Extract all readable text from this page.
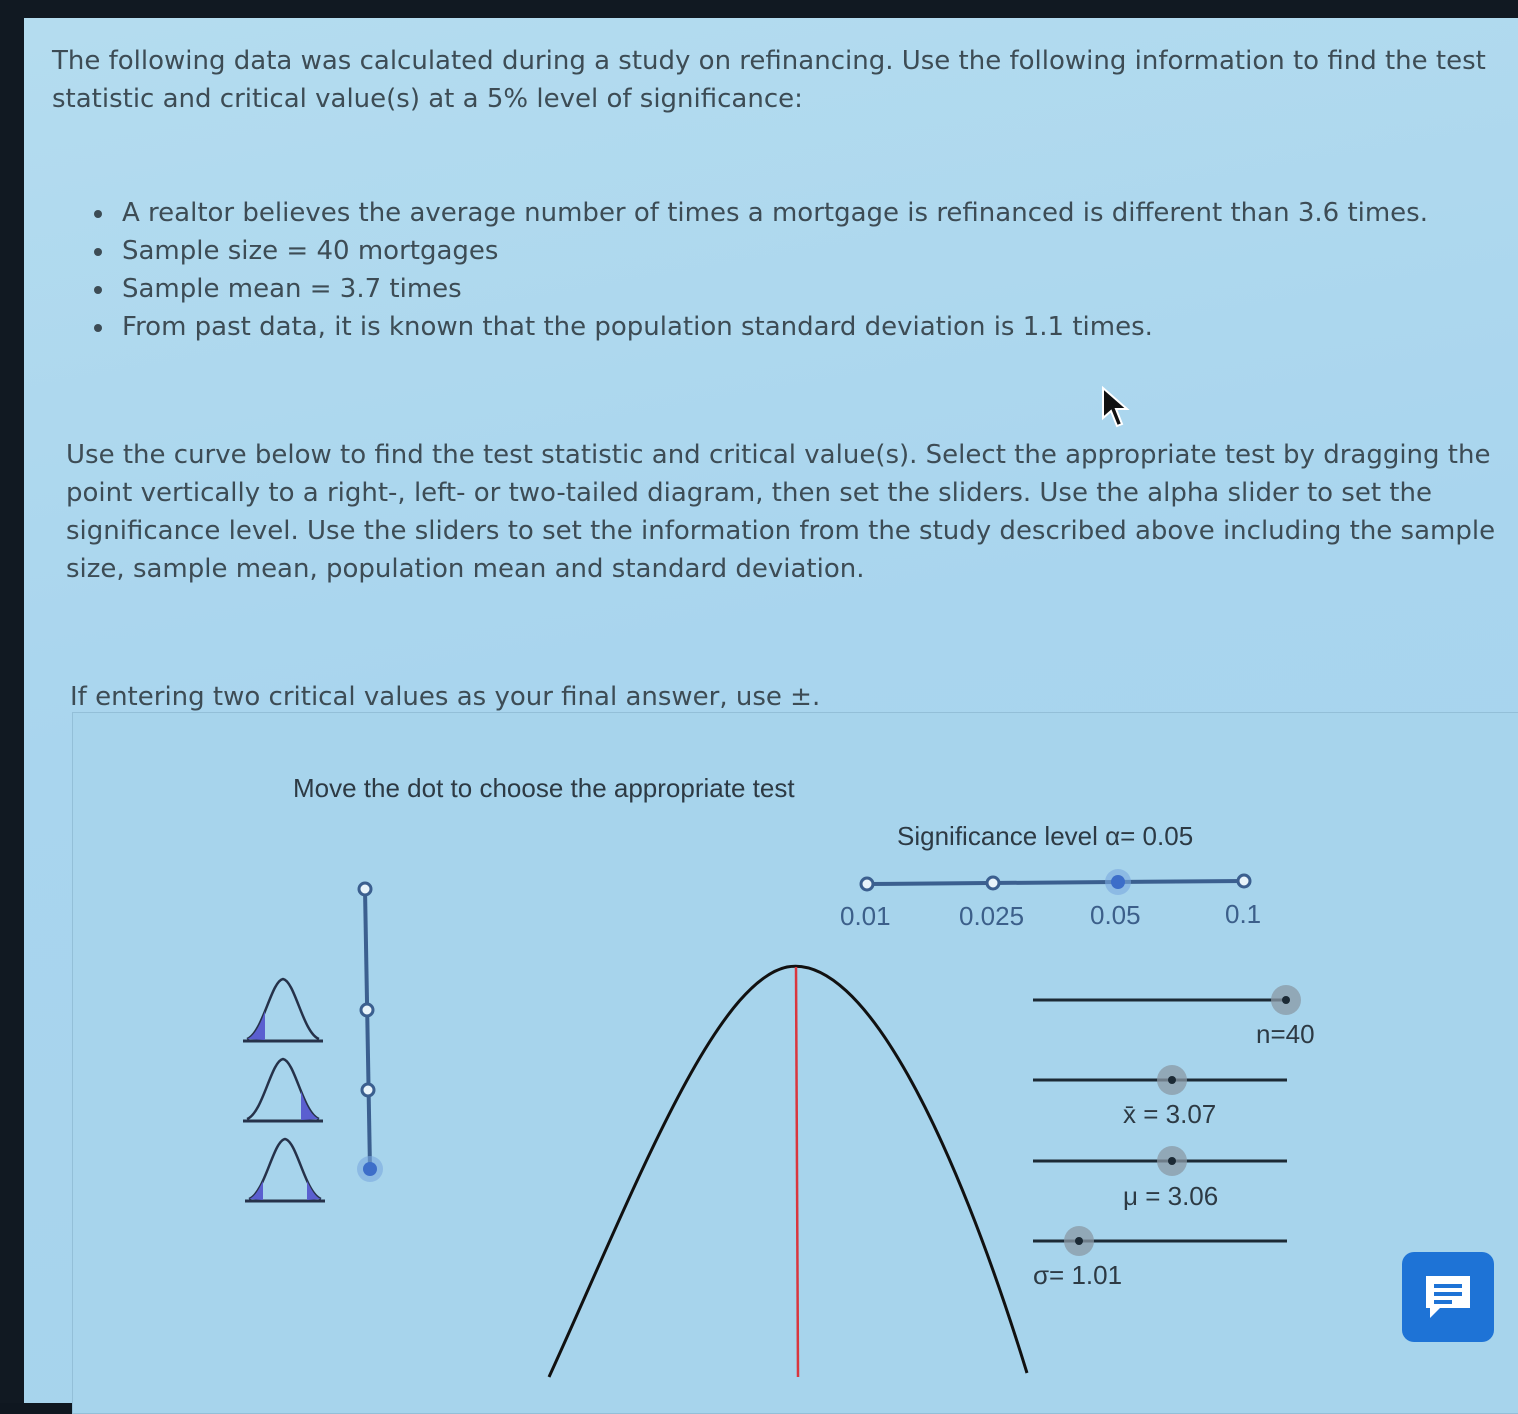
The following data was calculated during a study on refinancing. Use the following information to find the test statistic and critical value(s) at a 5% level of significance:

A realtor believes the average number of times a mortgage is refinanced is different than 3.6 times.
Sample size = 40 mortgages
Sample mean = 3.7 times
From past data, it is known that the population standard deviation is 1.1 times.

Use the curve below to find the test statistic and critical value(s). Select the appropriate test by dragging the point vertically to a right-, left- or two-tailed diagram, then set the sliders. Use the alpha slider to set the significance level. Use the sliders to set the information from the study described above including the sample size, sample mean, population mean and standard deviation.

If entering two critical values as your final answer, use ±.

Move the dot to choose the appropriate test
Significance level α= 0.05
0.01	0.025	0.05	0.1
n=40
x̄ = 3.07
μ = 3.06
σ= 1.01
